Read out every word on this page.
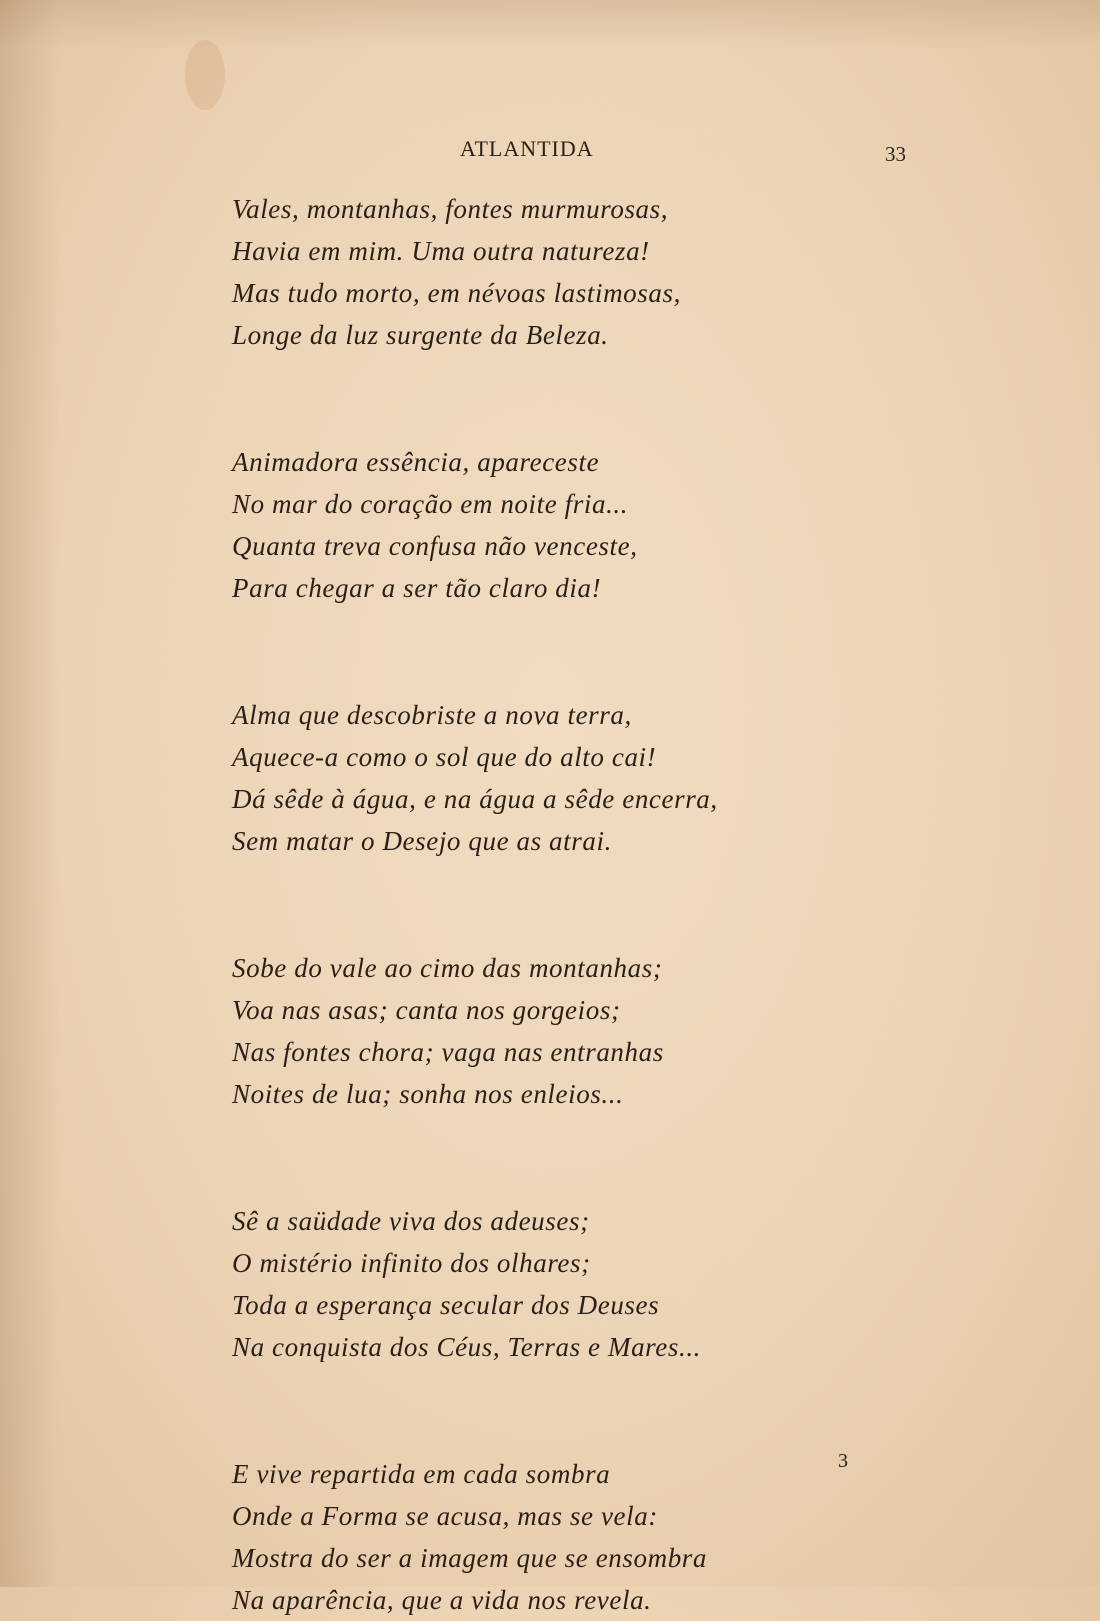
ATLANTIDA	33
Vales, montanhas, fontes murmurosas,
Havia em mim. Uma outra natureza!
Mas tudo morto, em névoas lastimosas,
Longe da luz surgente da Beleza.
Animadora essência, apareceste
No mar do coração em noite fria...
Quanta treva confusa não venceste,
Para chegar a ser tão claro dia!
Alma que descobriste a nova terra,
Aquece-a como o sol que do alto cai!
Dá sêde à água, e na água a sêde encerra,
Sem matar o Desejo que as atrai.
Sobe do vale ao cimo das montanhas;
Voa nas asas; canta nos gorgeios;
Nas fontes chora; vaga nas entranhas
Noites de lua; sonha nos enleios...
Sê a saüdade viva dos adeuses;
O mistério infinito dos olhares;
Toda a esperança secular dos Deuses
Na conquista dos Céus, Terras e Mares...
E vive repartida em cada sombra
Onde a Forma se acusa, mas se vela:
Mostra do ser a imagem que se ensombra
Na aparência, que a vida nos revela.
3
